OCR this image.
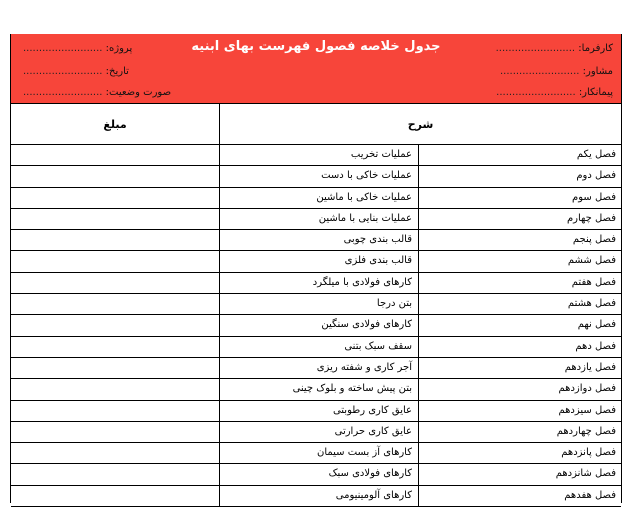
جدول خلاصه فصول فهرست بهای ابنیه	کارفرما: .........................
مشاور: .........................
پیمانکار: .........................
پروژه: .........................
تاریخ: .........................
صورت وضعیت: .........................
شرح
مبلغ
فصل یکم
عملیات تخریب
فصل دوم
عملیات خاکی با دست
فصل سوم
عملیات خاکی با ماشین
فصل چهارم
عملیات بنایی با ماشین
فصل پنجم
قالب بندی چوبی
فصل ششم
قالب بندی فلزی
فصل هفتم
کارهای فولادی با میلگرد
فصل هشتم
بتن درجا
فصل نهم
کارهای فولادی سنگین
فصل دهم
سقف سبک بتنی
فصل یازدهم
آجر کاری و شفته ریزی
فصل دوازدهم
بتن پیش ساخته و بلوک چینی
فصل سیزدهم
عایق کاری رطوبتی
فصل چهاردهم
عایق کاری حرارتی
فصل پانزدهم
کارهای آز بست سیمان
فصل شانزدهم
کارهای فولادی سبک
فصل هفدهم
کارهای آلومینیومی
